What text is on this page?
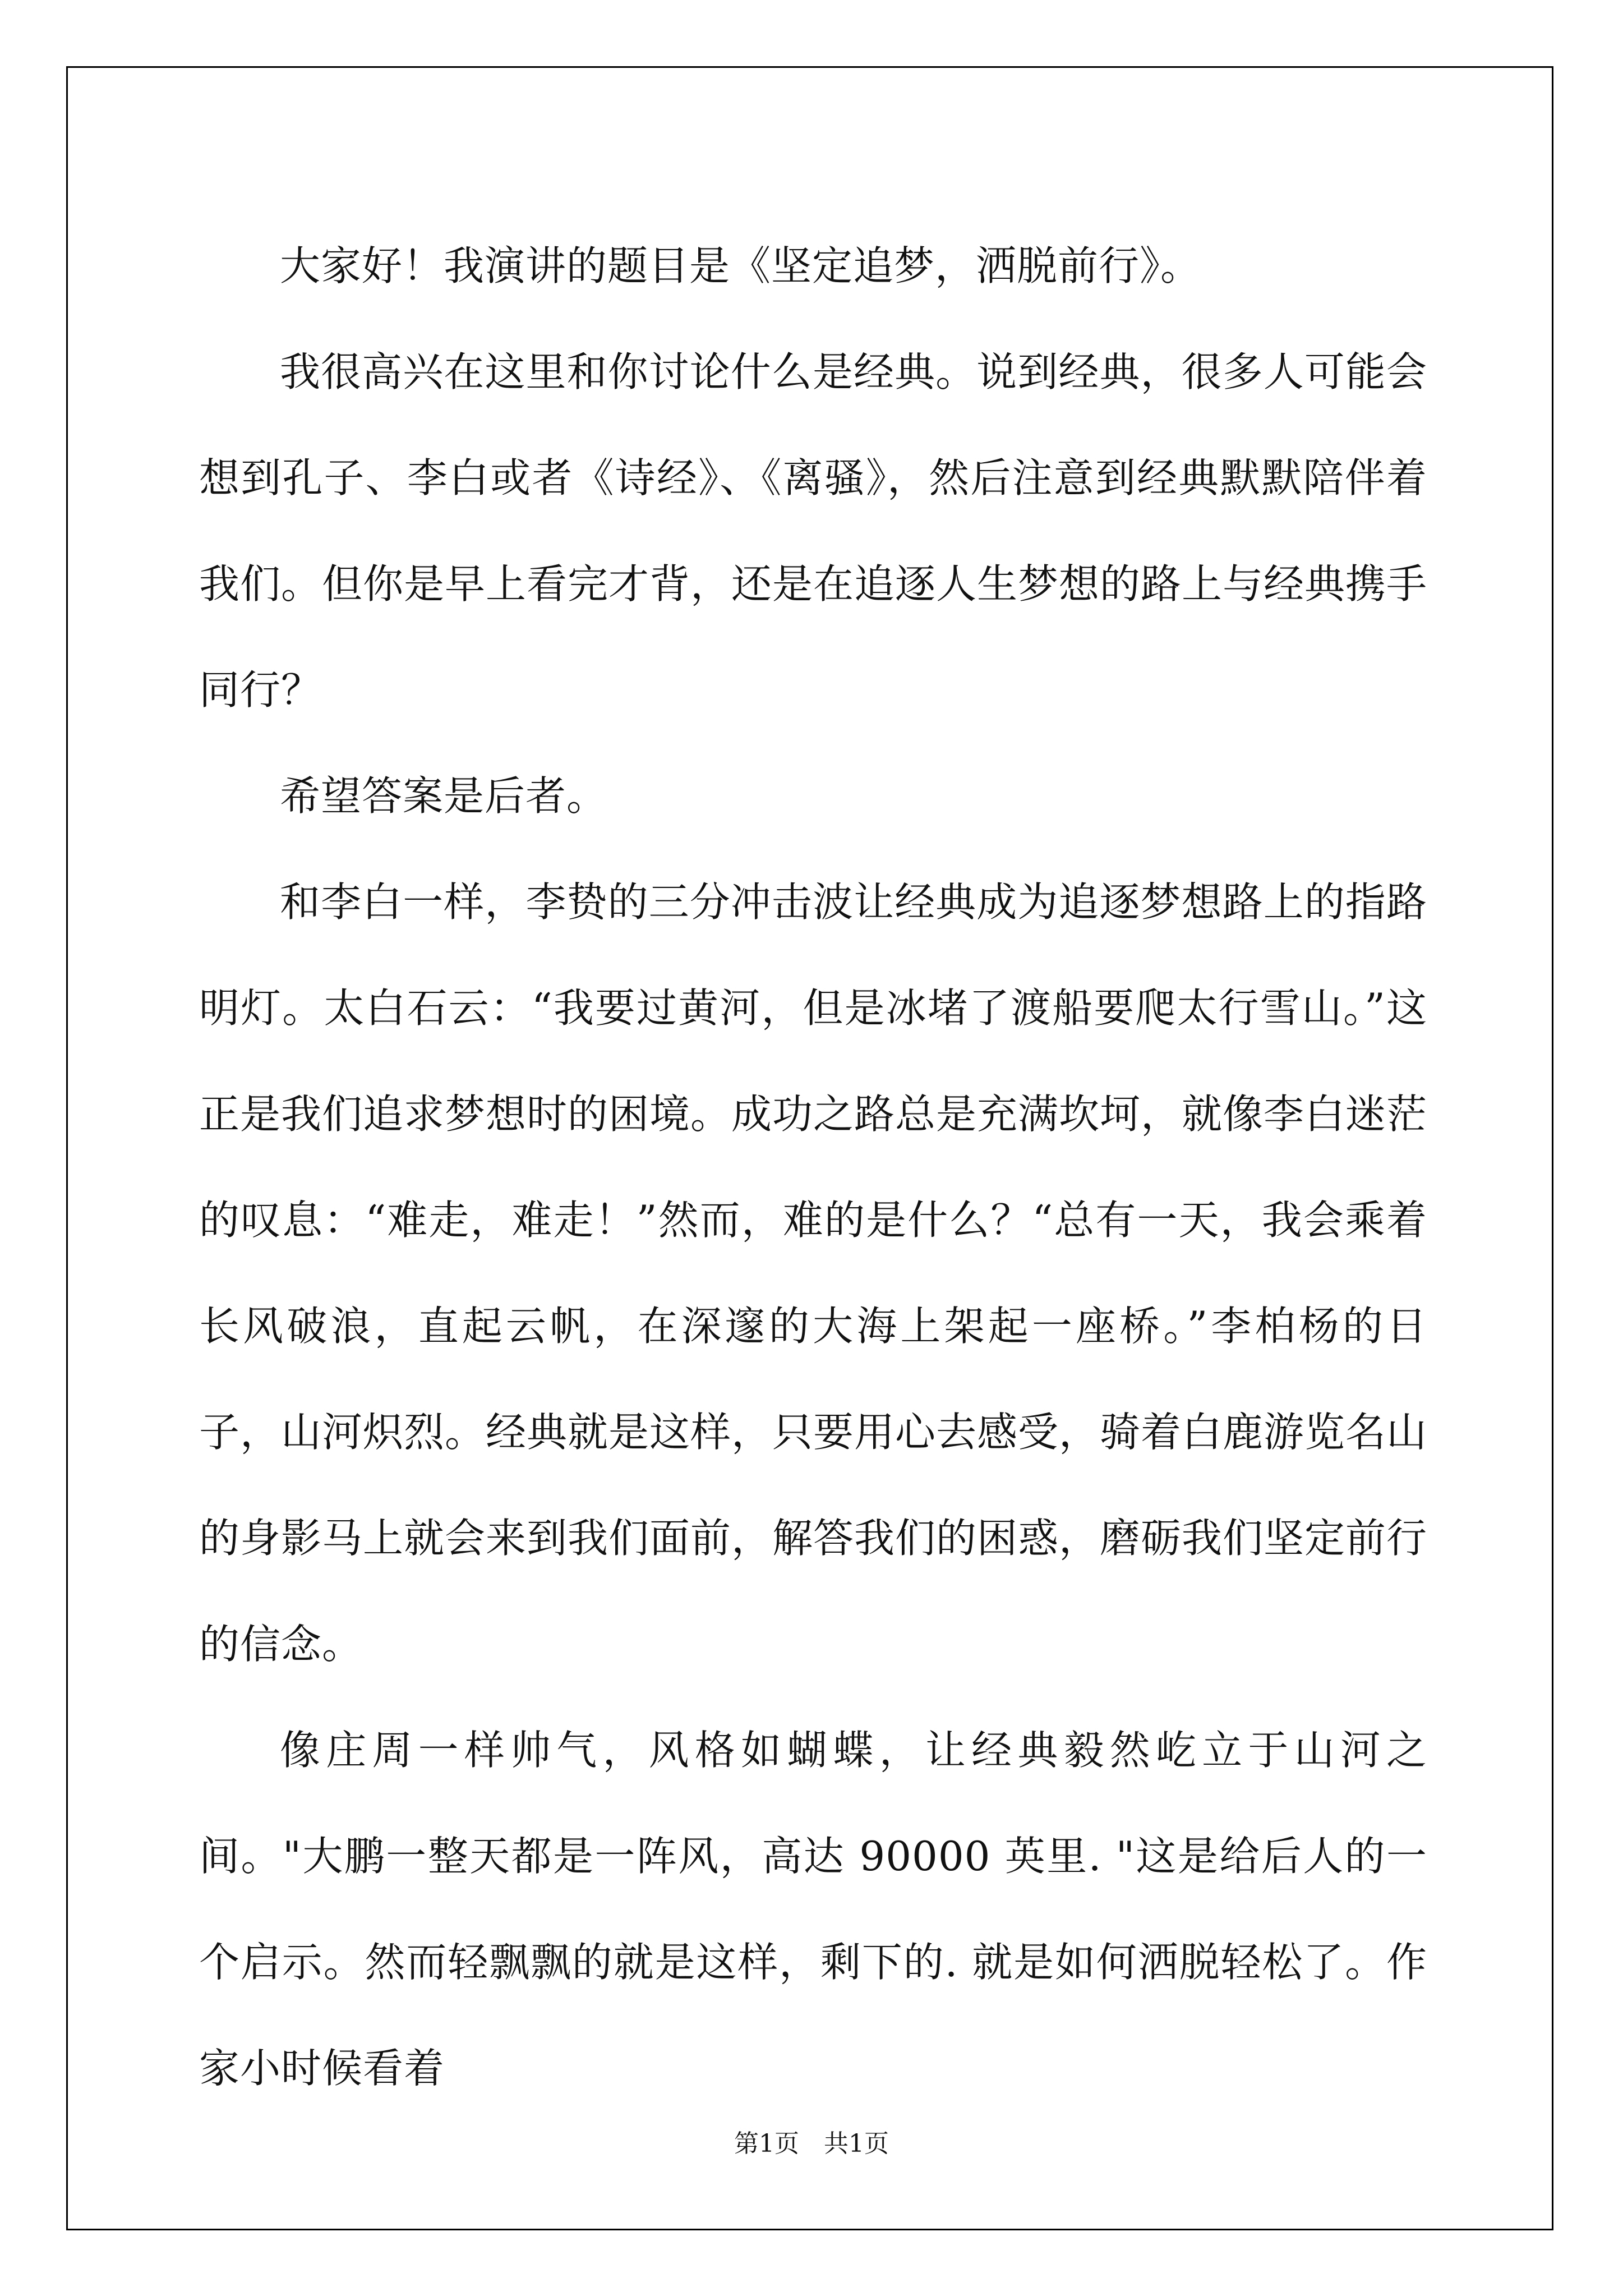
大家好！我演讲的题目是《坚定追梦，洒脱前行》。

我很高兴在这里和你讨论什么是经典。说到经典，很多人可能会想到孔子、李白或者《诗经》、《离骚》，然后注意到经典默默陪伴着我们。但你是早上看完才背，还是在追逐人生梦想的路上与经典携手同行？

希望答案是后者。

和李白一样，李贽的三分冲击波让经典成为追逐梦想路上的指路明灯。太白石云：“我要过黄河，但是冰堵了渡船要爬太行雪山。”这正是我们追求梦想时的困境。成功之路总是充满坎坷，就像李白迷茫的叹息：“难走，难走！”然而，难的是什么？“总有一天，我会乘着长风破浪，直起云帆，在深邃的大海上架起一座桥。”李柏杨的日子，山河炽烈。经典就是这样，只要用心去感受，骑着白鹿游览名山的身影马上就会来到我们面前，解答我们的困惑，磨砺我们坚定前行的信念。

像庄周一样帅气，风格如蝴蝶，让经典毅然屹立于山河之间。"大鹏一整天都是一阵风，高达 90000 英里. "这是给后人的一个启示。然而轻飘飘的就是这样，剩下的. 就是如何洒脱轻松了。作家小时候看着

第1页　共1页
